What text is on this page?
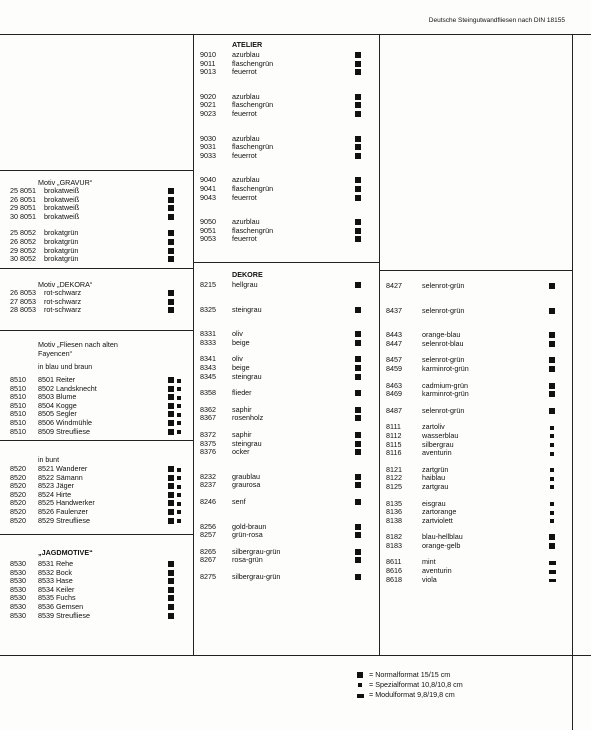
Deutsche Steingutwandfliesen nach DIN 18155
Motiv „GRAVUR“
25 8051 brokatweiß
26 8051 brokatweiß
29 8051 brokatweiß
30 8051 brokatweiß
25 8052 brokatgrün
26 8052 brokatgrün
29 8052 brokatgrün
30 8052 brokatgrün
Motiv „DEKORA“
26 8053 rot-schwarz
27 8053 rot-schwarz
28 8053 rot-schwarz
Motiv „Fliesen nach alten
Fayencen“
in blau und braun
8510 8501 Reiter
8510 8502 Landsknecht
8510 8503 Blume
8510 8504 Kogge
8510 8505 Segler
8510 8506 Windmühle
8510 8509 Streufliese
in bunt
8520 8521 Wanderer
8520 8522 Sämann
8520 8523 Jäger
8520 8524 Hirte
8520 8525 Handwerker
8520 8526 Faulenzer
8520 8529 Streufliese
„JAGDMOTIVE“
8530 8531 Rehe
8530 8532 Bock
8530 8533 Hase
8530 8534 Keiler
8530 8535 Fuchs
8530 8536 Gemsen
8530 8539 Streufliese
ATELIER
9010 azurblau
9011 flaschengrün
9013 feuerrot
9020 azurblau
9021 flaschengrün
9023 feuerrot
9030 azurblau
9031 flaschengrün
9033 feuerrot
9040 azurblau
9041 flaschengrün
9043 feuerrot
9050 azurblau
9051 flaschengrün
9053 feuerrot
DEKORE
8215 hellgrau
8325 steingrau
8331 oliv
8333 beige
8341 oliv
8343 beige
8345 steingrau
8358 flieder
8362 saphir
8367 rosenholz
8372 saphir
8375 steingrau
8376 ocker
8232 graublau
8237 graurosa
8246 senf
8256 gold-braun
8257 grün-rosa
8265 silbergrau-grün
8267 rosa-grün
8275 silbergrau-grün
8427	selenrot-grün
8437	selenrot-grün
8443	orange-blau
8447	selenrot-blau
8457	selenrot-grün
8459	karminrot-grün
8463	cadmium-grün
8469	karminrot-grün
8487	selenrot-grün
8111	zartoliv
8112	wasserblau
8115	silbergrau
8116	aventurin
8121	zartgrün
8122	haiblau
8125	zartgrau
8135	eisgrau
8136	zartorange
8138	zartviolett
8182	blau-hellblau
8183	orange-gelb
8611	mint
8616	aventurin
8618	viola
= Normalformat 15/15 cm
= Spezialformat 10,8/10,8 cm
= Modulformat 9,8/19,8 cm
